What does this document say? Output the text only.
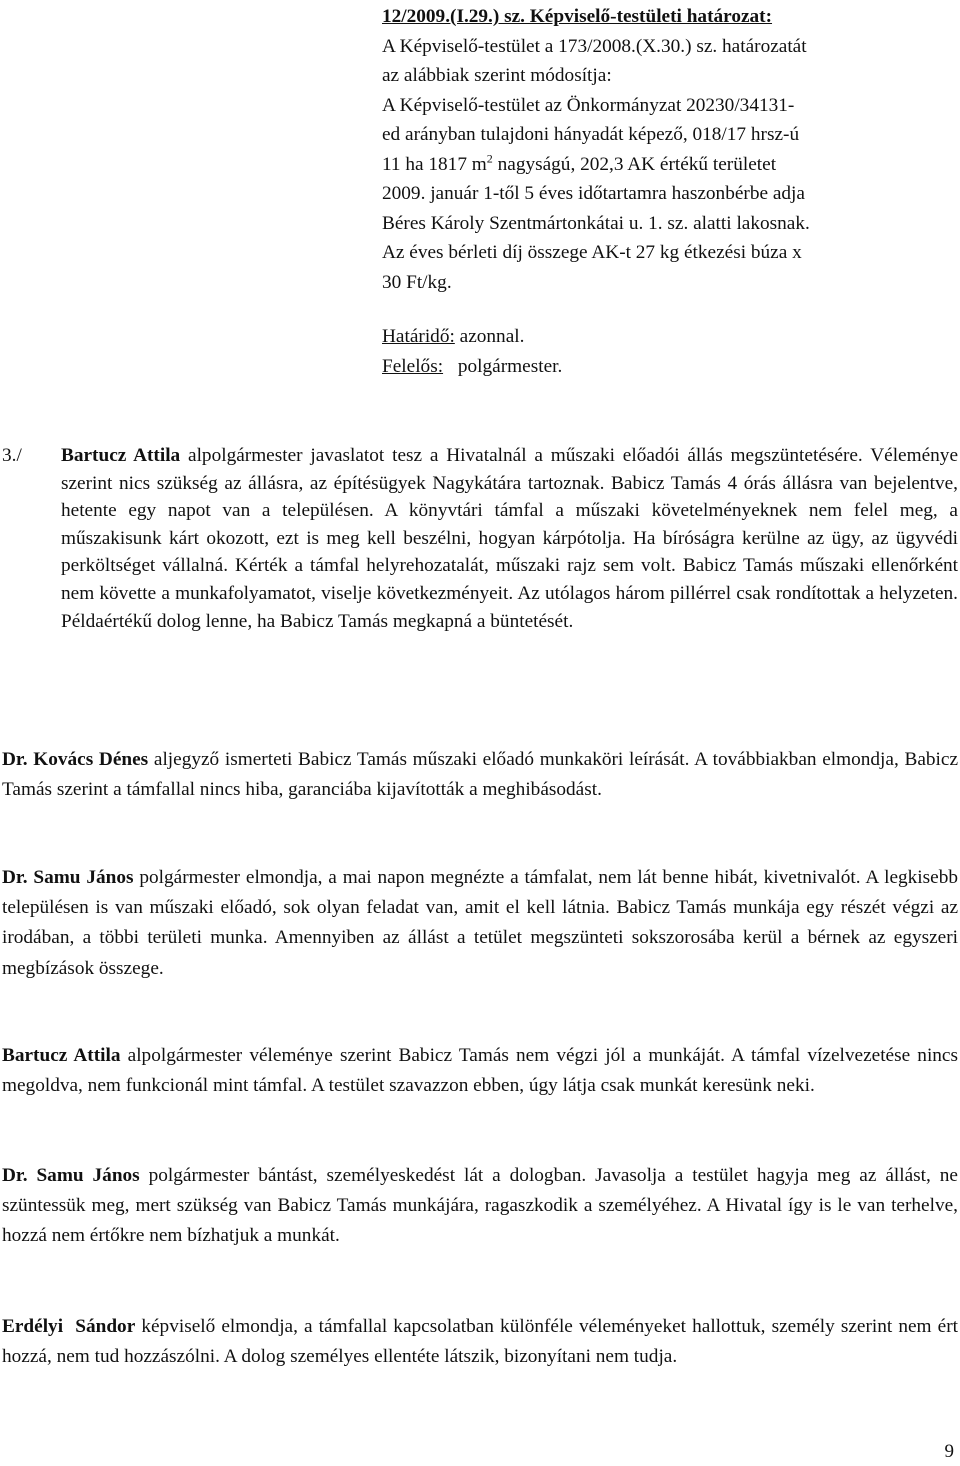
12/2009.(I.29.) sz. Képviselő-testületi határozat:
A Képviselő-testület a 173/2008.(X.30.) sz. határozatát
az alábbiak szerint módosítja:
A Képviselő-testület az Önkormányzat 20230/34131-
ed arányban tulajdoni hányadát képező, 018/17 hrsz-ú
11 ha 1817 $m^2$ nagyságú, 202,3 AK értékű területet
2009. január 1-től 5 éves időtartamra haszonbérbe adja
Béres Károly Szentmártonkátai u. 1. sz. alatti lakosnak.
Az éves bérleti díj összege AK-t 27 kg étkezési búza x
30 Ft/kg.
Határidő: azonnal.
Felelős: polgármester.
3./	Bartucz Attila alpolgármester javaslatot tesz a Hivatalnál a műszaki előadói állás megszüntetésére. Véleménye szerint nics szükség az állásra, az építésügyek Nagykátára tartoznak. Babicz Tamás 4 órás állásra van bejelentve, hetente egy napot van a településen. A könyvtári támfal a műszaki követelményeknek nem felel meg, a műszakisunk kárt okozott, ezt is meg kell beszélni, hogyan kárpótolja. Ha bíróságra kerülne az ügy, az ügyvédi perköltséget vállalná. Kérték a támfal helyrehozatalát, műszaki rajz sem volt. Babicz Tamás műszaki ellenőrként nem követte a munkafolyamatot, viselje következményeit. Az utólagos három pillérrel csak rondítottak a helyzeten. Példaértékű dolog lenne, ha Babicz Tamás megkapná a büntetését.
Dr. Kovács Dénes aljegyző ismerteti Babicz Tamás műszaki előadó munkaköri leírását. A továbbiakban elmondja, Babicz Tamás szerint a támfallal nincs hiba, garanciába kijavították a meghibásodást.
Dr. Samu János polgármester elmondja, a mai napon megnézte a támfalat, nem lát benne hibát, kivetnivalót. A legkisebb településen is van műszaki előadó, sok olyan feladat van, amit el kell látnia. Babicz Tamás munkája egy részét végzi az irodában, a többi területi munka. Amennyiben az állást a tetület megszünteti sokszorosába kerül a bérnek az egyszeri megbízások összege.
Bartucz Attila alpolgármester véleménye szerint Babicz Tamás nem végzi jól a munkáját. A támfal vízelvezetése nincs megoldva, nem funkcionál mint támfal. A testület szavazzon ebben, úgy látja csak munkát keresünk neki.
Dr. Samu János polgármester bántást, személyeskedést lát a dologban. Javasolja a testület hagyja meg az állást, ne szüntessük meg, mert szükség van Babicz Tamás munkájára, ragaszkodik a személyéhez. A Hivatal így is le van terhelve, hozzá nem értőkre nem bízhatjuk a munkát.
Erdélyi  Sándor képviselő elmondja, a támfallal kapcsolatban különféle véleményeket hallottuk, személy szerint nem ért hozzá, nem tud hozzászólni. A dolog személyes ellentéte látszik, bizonyítani nem tudja.
9
